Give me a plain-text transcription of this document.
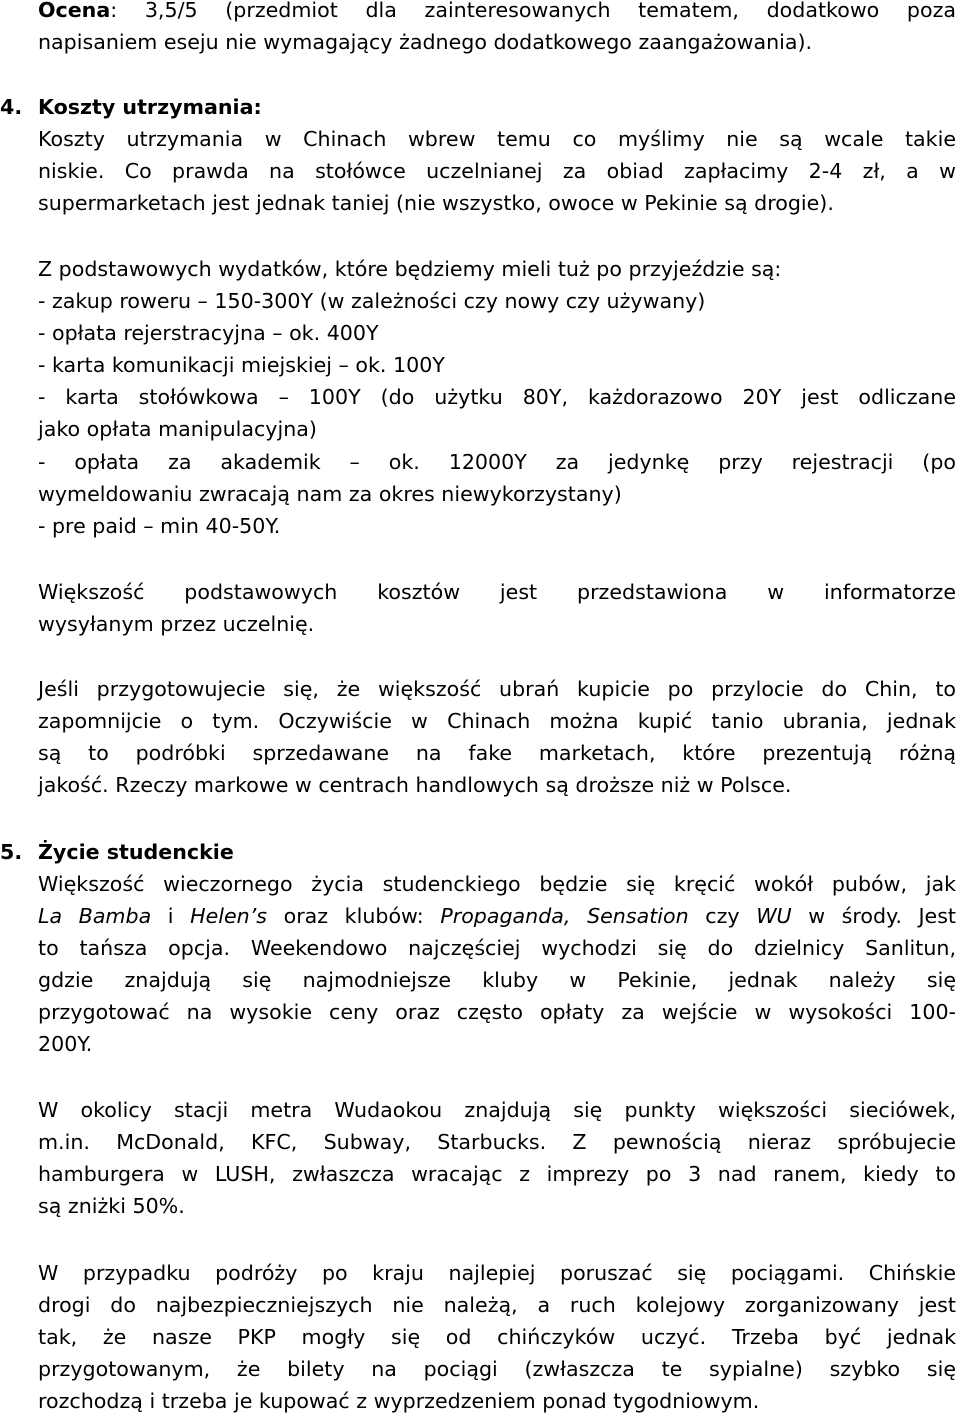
Ocena: 3,5/5 (przedmiot dla zainteresowanych tematem, dodatkowo poza
napisaniem eseju nie wymagający żadnego dodatkowego zaangażowania).
4. Koszty utrzymania:
Koszty utrzymania w Chinach wbrew temu co myślimy nie są wcale takie
niskie. Co prawda na stołówce uczelnianej za obiad zapłacimy 2-4 zł, a w
supermarketach jest jednak taniej (nie wszystko, owoce w Pekinie są drogie).
Z podstawowych wydatków, które będziemy mieli tuż po przyjeździe są:
- zakup roweru – 150-300Y (w zależności czy nowy czy używany)
- opłata rejerstracyjna – ok. 400Y
- karta komunikacji miejskiej – ok. 100Y
- karta stołówkowa – 100Y (do użytku 80Y, każdorazowo 20Y jest odliczane
jako opłata manipulacyjna)
- opłata za akademik – ok. 12000Y za jedynkę przy rejestracji (po
wymeldowaniu zwracają nam za okres niewykorzystany)
- pre paid – min 40-50Y.
Większość podstawowych kosztów jest przedstawiona w informatorze
wysyłanym przez uczelnię.
Jeśli przygotowujecie się, że większość ubrań kupicie po przylocie do Chin, to
zapomnijcie o tym. Oczywiście w Chinach można kupić tanio ubrania, jednak
są to podróbki sprzedawane na fake marketach, które prezentują różną
jakość. Rzeczy markowe w centrach handlowych są droższe niż w Polsce.
5. Życie studenckie
Większość wieczornego życia studenckiego będzie się kręcić wokół pubów, jak
La Bamba i Helen’s oraz klubów: Propaganda, Sensation czy WU w środy. Jest
to tańsza opcja. Weekendowo najczęściej wychodzi się do dzielnicy Sanlitun,
gdzie znajdują się najmodniejsze kluby w Pekinie, jednak należy się
przygotować na wysokie ceny oraz często opłaty za wejście w wysokości 100-
200Y.
W okolicy stacji metra Wudaokou znajdują się punkty większości sieciówek,
m.in. McDonald, KFC, Subway, Starbucks. Z pewnością nieraz spróbujecie
hamburgera w LUSH, zwłaszcza wracając z imprezy po 3 nad ranem, kiedy to
są zniżki 50%.
W przypadku podróży po kraju najlepiej poruszać się pociągami. Chińskie
drogi do najbezpieczniejszych nie należą, a ruch kolejowy zorganizowany jest
tak, że nasze PKP mogły się od chińczyków uczyć. Trzeba być jednak
przygotowanym, że bilety na pociągi (zwłaszcza te sypialne) szybko się
rozchodzą i trzeba je kupować z wyprzedzeniem ponad tygodniowym.
